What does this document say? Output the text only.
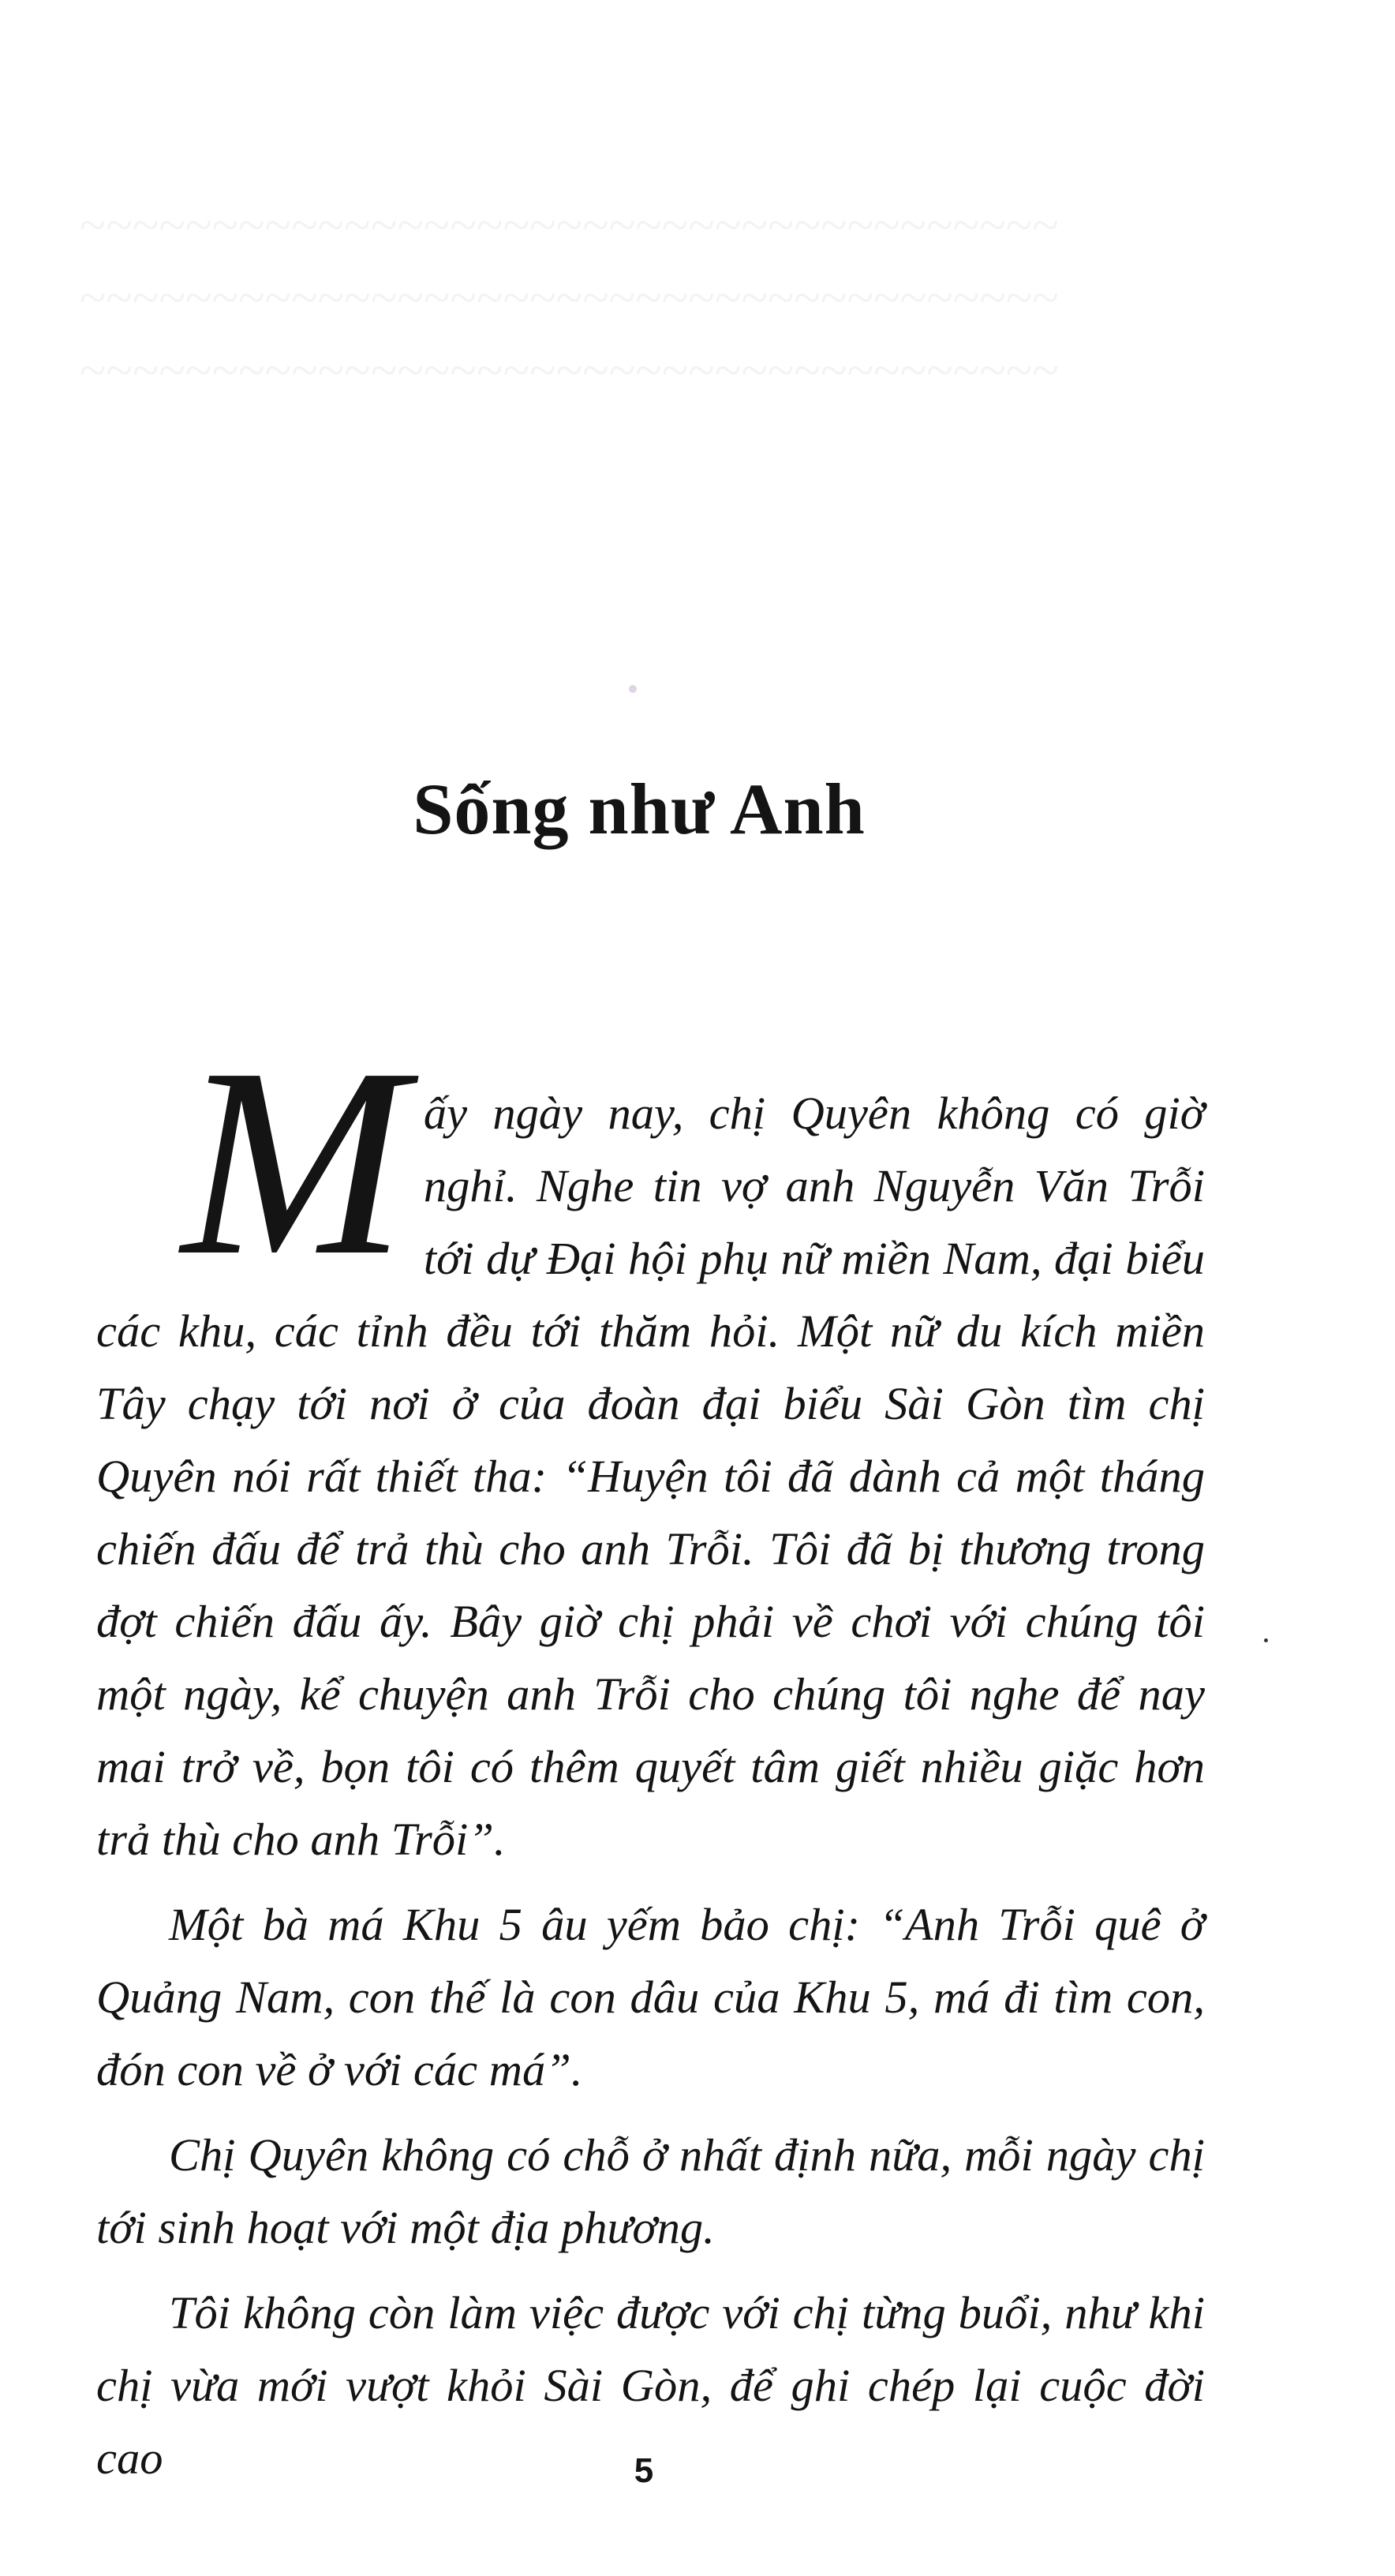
~~~~~~~~~~~~~~~~~~~~~~~~~~~~~~~~~~~~~
~~~~~~~~~~~~~~~~~~~~~~~~~~~~~~~~~~~~~
~~~~~~~~~~~~~~~~~~~~~~~~~~~~~~~~~~~~~
Sống như Anh

Mấy ngày nay, chị Quyên không có giờ nghỉ. Nghe tin vợ anh Nguyễn Văn Trỗi tới dự Đại hội phụ nữ miền Nam, đại biểu các khu, các tỉnh đều tới thăm hỏi. Một nữ du kích miền Tây chạy tới nơi ở của đoàn đại biểu Sài Gòn tìm chị Quyên nói rất thiết tha: “Huyện tôi đã dành cả một tháng chiến đấu để trả thù cho anh Trỗi. Tôi đã bị thương trong đợt chiến đấu ấy. Bây giờ chị phải về chơi với chúng tôi một ngày, kể chuyện anh Trỗi cho chúng tôi nghe để nay mai trở về, bọn tôi có thêm quyết tâm giết nhiều giặc hơn trả thù cho anh Trỗi”.

Một bà má Khu 5 âu yếm bảo chị: “Anh Trỗi quê ở Quảng Nam, con thế là con dâu của Khu 5, má đi tìm con, đón con về ở với các má”.

Chị Quyên không có chỗ ở nhất định nữa, mỗi ngày chị tới sinh hoạt với một địa phương.

Tôi không còn làm việc được với chị từng buổi, như khi chị vừa mới vượt khỏi Sài Gòn, để ghi chép lại cuộc đời cao	5
